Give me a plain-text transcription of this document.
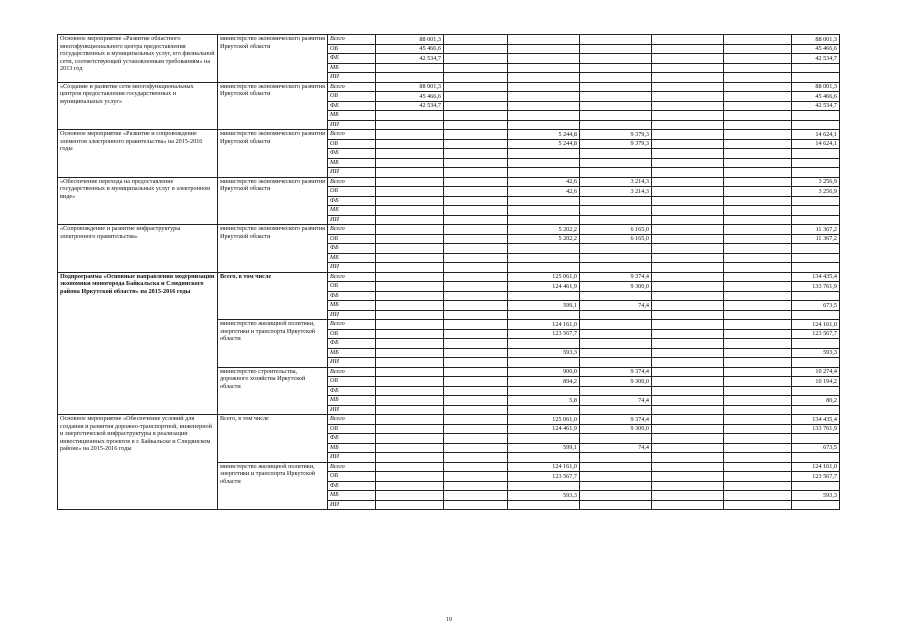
Основное мероприятие «Развитие областного многофункционального центра предоставления государственных и муниципальных услуг, его филиальной сети, соответствующей установленным требованиям» на 2013 год	министерство экономического развития Иркутской области	Всего	88 001,3						88 001,3
		ОБ	45 466,6						45 466,6
		ФБ	42 534,7						42 534,7
		МБ							
		ИИ							
«Создание и развитие сети многофункциональных центров предоставления государственных и муниципальных услуг»	министерство экономического развития Иркутской области	Всего	88 001,3						88 001,3
		ОБ	45 466,6						45 466,6
		ФБ	42 534,7						42 534,7
		МБ							
		ИИ							
Основное мероприятие «Развитие и сопровождение элементов электронного правительства» на 2015-2016 годы	министерство экономического развития Иркутской области	Всего			5 244,8	9 379,3			14 624,1
		ОБ			5 244,8	9 379,3			14 624,1
		ФБ							
		МБ							
		ИИ							
«Обеспечение перехода на предоставление государственных и муниципальных услуг в электронном виде»	министерство экономического развития Иркутской области	Всего			42,6	3 214,3			3 256,9
		ОБ			42,6	3 214,3			3 256,9
		ФБ							
		МБ							
		ИИ							
«Сопровождение и развитие инфраструктуры электронного правительства»	министерство экономического развития Иркутской области	Всего			5 202,2	6 165,0			11 367,2
		ОБ			5 202,2	6 165,0			11 367,2
		ФБ							
		МБ							
		ИИ							
Подпрограмма «Основные направления модернизации экономики моногорода Байкальска и Слюдянского района Иркутской области» на 2015-2016 годы	Всего, в том числе	Всего			125 061,0	9 374,4			134 435,4
		ОБ			124 461,9	9 300,0			133 761,9
		ФБ							
		МБ			599,1	74,4			673,5
		ИИ							
	министерство жилищной политики, энергетики и транспорта Иркутской области	Всего			124 161,0				124 161,0
		ОБ			123 567,7				123 567,7
		ФБ							
		МБ			593,3				593,3
		ИИ							
	министерство строительства, дорожного хозяйства Иркутской области	Всего			900,0	9 374,4			10 274,4
		ОБ			894,2	9 300,0			10 194,2
		ФБ							
		МБ			5,8	74,4			80,2
		ИИ							
Основное мероприятие «Обеспечение условий для создания и развития дорожно-транспортной, инженерной и энергетической инфраструктуры в реализации инвестиционных проектов в г. Байкальске и Слюдянском районе» на 2015-2016 годы	Всего, в том числе	Всего			125 061,0	9 374,4			134 435,4
		ОБ			124 461,9	9 300,0			133 761,9
		ФБ							
		МБ			599,1	74,4			673,5
		ИИ							
	министерство жилищной политики, энергетики и транспорта Иркутской области	Всего			124 161,0				124 161,0
		ОБ			123 567,7				123 567,7
		ФБ							
		МБ			593,3				593,3
		ИИ							
19
